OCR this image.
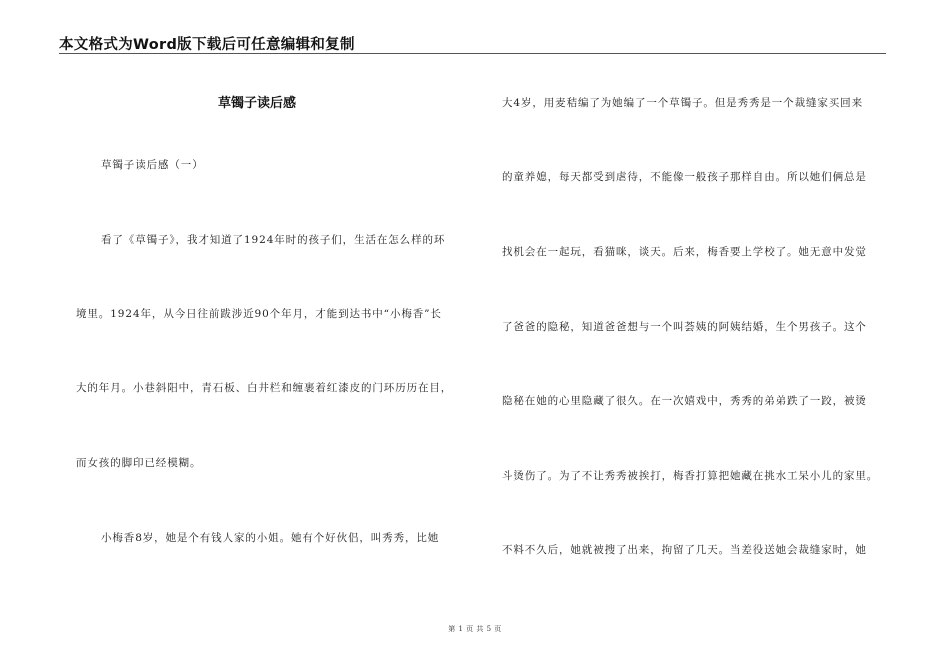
本文格式为Word版下载后可任意编辑和复制
草镯子读后感
草镯子读后感（一）
看了《草镯子》，我才知道了1924年时的孩子们，生活在怎么样的环
境里。1924年，从今日往前跋涉近90个年月，才能到达书中“小梅香”长
大的年月。小巷斜阳中，青石板、白井栏和缠裹着红漆皮的门环历历在目，
而女孩的脚印已经模糊。
小梅香8岁，她是个有钱人家的小姐。她有个好伙侣，叫秀秀，比她
大4岁，用麦秸编了为她编了一个草镯子。但是秀秀是一个裁缝家买回来
的童养媳，每天都受到虐待，不能像一般孩子那样自由。所以她们俩总是
找机会在一起玩，看猫咪，谈天。后来，梅香要上学校了。她无意中发觉
了爸爸的隐秘，知道爸爸想与一个叫荟姨的阿姨结婚，生个男孩子。这个
隐秘在她的心里隐藏了很久。在一次嬉戏中，秀秀的弟弟跌了一跤，被烫
斗烫伤了。为了不让秀秀被挨打，梅香打算把她藏在挑水工呆小儿的家里。
不料不久后，她就被搜了出来，拘留了几天。当差役送她会裁缝家时，她
第 1 页 共 5 页
